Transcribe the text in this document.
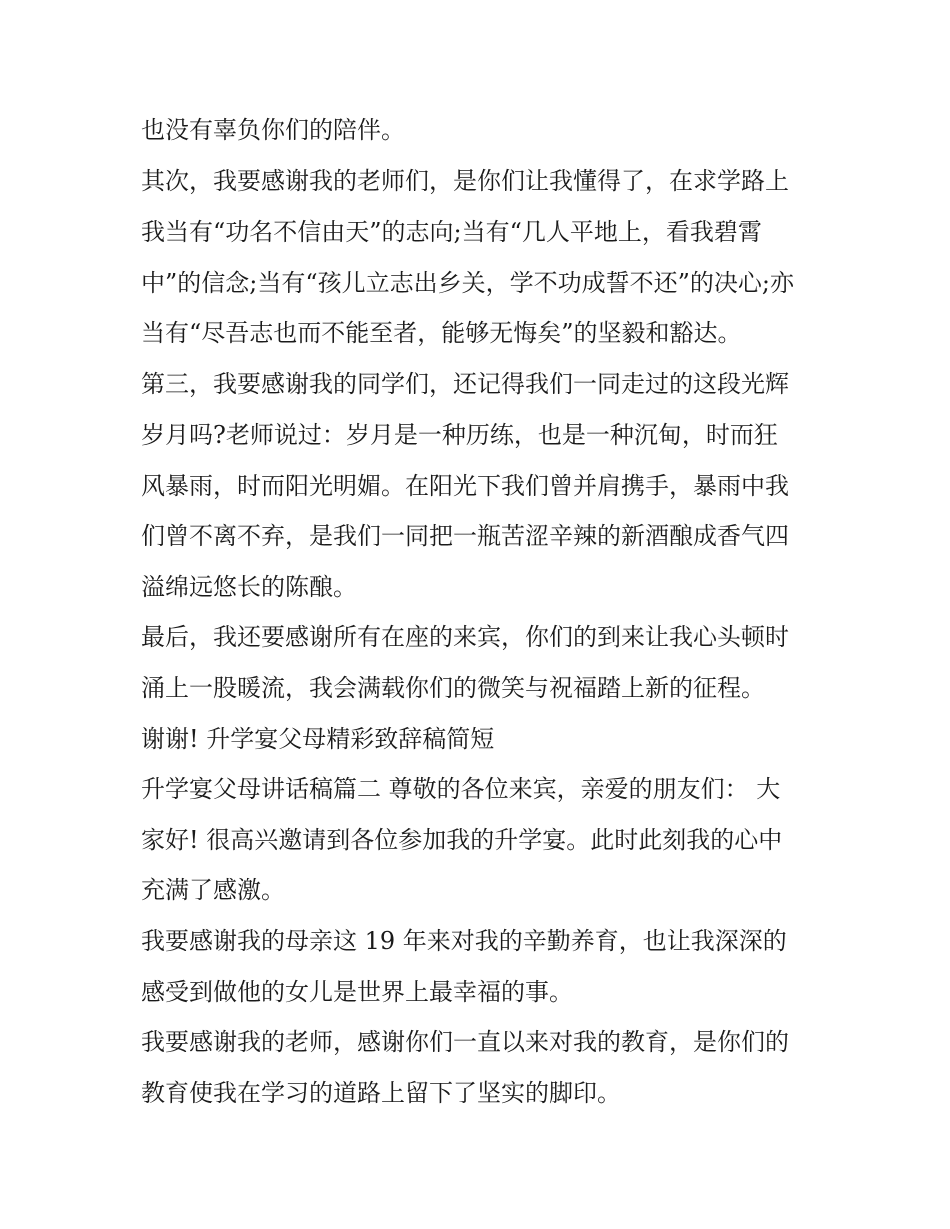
也没有辜负你们的陪伴。

其次，我要感谢我的老师们，是你们让我懂得了，在求学路上

我当有“功名不信由天”的志向;当有“几人平地上，看我碧霄

中”的信念;当有“孩儿立志出乡关，学不功成誓不还”的决心;亦

当有“尽吾志也而不能至者，能够无悔矣”的坚毅和豁达。

第三，我要感谢我的同学们，还记得我们一同走过的这段光辉

岁月吗?老师说过：岁月是一种历练，也是一种沉甸，时而狂

风暴雨，时而阳光明媚。在阳光下我们曾并肩携手，暴雨中我

们曾不离不弃，是我们一同把一瓶苦涩辛辣的新酒酿成香气四

溢绵远悠长的陈酿。

最后，我还要感谢所有在座的来宾，你们的到来让我心头顿时

涌上一股暖流，我会满载你们的微笑与祝福踏上新的征程。

谢谢! 升学宴父母精彩致辞稿简短

升学宴父母讲话稿篇二 尊敬的各位来宾，亲爱的朋友们： 大

家好! 很高兴邀请到各位参加我的升学宴。此时此刻我的心中

充满了感激。

我要感谢我的母亲这 19 年来对我的辛勤养育，也让我深深的

感受到做他的女儿是世界上最幸福的事。

我要感谢我的老师，感谢你们一直以来对我的教育，是你们的

教育使我在学习的道路上留下了坚实的脚印。
